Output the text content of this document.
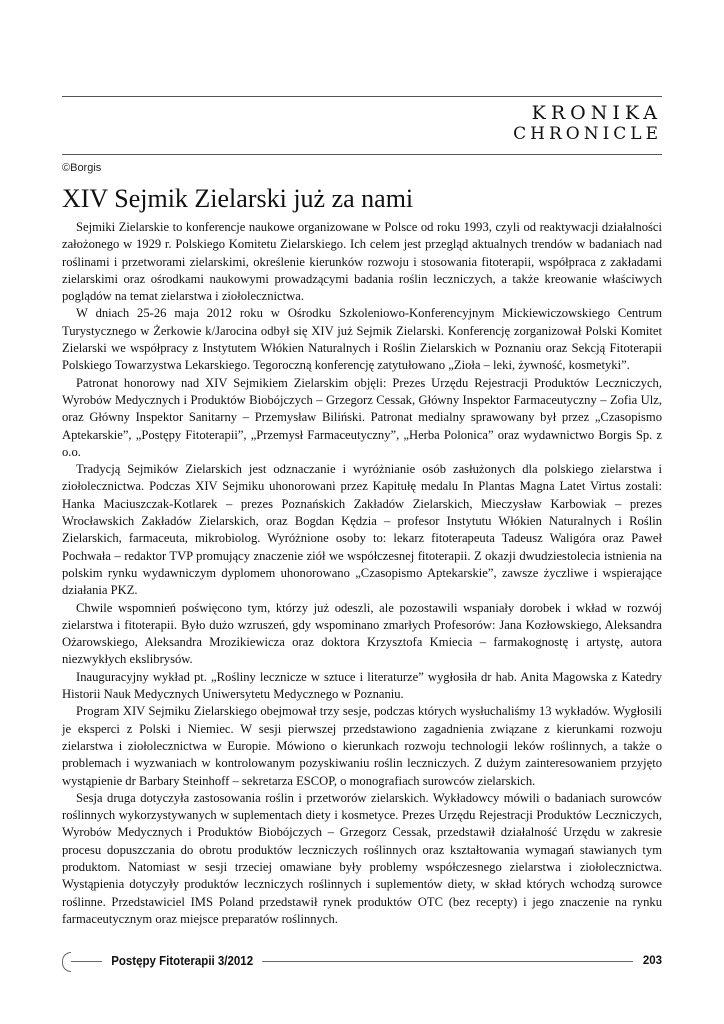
KRONIKA
CHRONICLE
©Borgis
XIV Sejmik Zielarski już za nami

Sejmiki Zielarskie to konferencje naukowe organizowane w Polsce od roku 1993, czyli od reaktywacji działalności założonego w 1929 r. Polskiego Komitetu Zielarskiego. Ich celem jest przegląd aktualnych trendów w badaniach nad roślinami i przetworami zielarskimi, określenie kierunków rozwoju i stosowania fitoterapii, współpraca z zakładami zielarskimi oraz ośrodkami naukowymi prowadzącymi badania roślin leczniczych, a także kreowanie właściwych poglądów na temat zielarstwa i ziołolecznictwa.

W dniach 25-26 maja 2012 roku w Ośrodku Szkoleniowo-Konferencyjnym Mickiewiczowskiego Centrum Turystycznego w Żerkowie k/Jarocina odbył się XIV już Sejmik Zielarski. Konferencję zorganizował Polski Komitet Zielarski we współpracy z Instytutem Włókien Naturalnych i Roślin Zielarskich w Poznaniu oraz Sekcją Fitoterapii Polskiego Towarzystwa Lekarskiego. Tegoroczną konferencję zatytułowano „Zioła – leki, żywność, kosmetyki”.

Patronat honorowy nad XIV Sejmikiem Zielarskim objęli: Prezes Urzędu Rejestracji Produktów Leczniczych, Wyrobów Medycznych i Produktów Biobójczych – Grzegorz Cessak, Główny Inspektor Farmaceutyczny – Zofia Ulz, oraz Główny Inspektor Sanitarny – Przemysław Biliński. Patronat medialny sprawowany był przez „Czasopismo Aptekarskie”, „Postępy Fitoterapii”, „Przemysł Farmaceutyczny”, „Herba Polonica” oraz wydawnictwo Borgis Sp. z o.o.

Tradycją Sejmików Zielarskich jest odznaczanie i wyróżnianie osób zasłużonych dla polskiego zielarstwa i ziołolecznictwa. Podczas XIV Sejmiku uhonorowani przez Kapitułę medalu In Plantas Magna Latet Virtus zostali: Hanka Maciuszczak-Kotlarek – prezes Poznańskich Zakładów Zielarskich, Mieczysław Karbowiak – prezes Wrocławskich Zakładów Zielarskich, oraz Bogdan Kędzia – profesor Instytutu Włókien Naturalnych i Roślin Zielarskich, farmaceuta, mikrobiolog. Wyróżnione osoby to: lekarz fitoterapeuta Tadeusz Waligóra oraz Paweł Pochwała – redaktor TVP promujący znaczenie ziół we współczesnej fitoterapii. Z okazji dwudziestolecia istnienia na polskim rynku wydawniczym dyplomem uhonorowano „Czasopismo Aptekarskie”, zawsze życzliwe i wspierające działania PKZ.

Chwile wspomnień poświęcono tym, którzy już odeszli, ale pozostawili wspaniały dorobek i wkład w rozwój zielarstwa i fitoterapii. Było dużo wzruszeń, gdy wspominano zmarłych Profesorów: Jana Kozłowskiego, Aleksandra Ożarowskiego, Aleksandra Mrozikiewicza oraz doktora Krzysztofa Kmiecia – farmakognostę i artystę, autora niezwykłych ekslibrysów.

Inauguracyjny wykład pt. „Rośliny lecznicze w sztuce i literaturze” wygłosiła dr hab. Anita Magowska z Katedry Historii Nauk Medycznych Uniwersytetu Medycznego w Poznaniu.

Program XIV Sejmiku Zielarskiego obejmował trzy sesje, podczas których wysłuchaliśmy 13 wykładów. Wygłosili je eksperci z Polski i Niemiec. W sesji pierwszej przedstawiono zagadnienia związane z kierunkami rozwoju zielarstwa i ziołolecznictwa w Europie. Mówiono o kierunkach rozwoju technologii leków roślinnych, a także o problemach i wyzwaniach w kontrolowanym pozyskiwaniu roślin leczniczych. Z dużym zainteresowaniem przyjęto wystąpienie dr Barbary Steinhoff – sekretarza ESCOP, o monografiach surowców zielarskich.

Sesja druga dotyczyła zastosowania roślin i przetworów zielarskich. Wykładowcy mówili o badaniach surowców roślinnych wykorzystywanych w suplementach diety i kosmetyce. Prezes Urzędu Rejestracji Produktów Leczniczych, Wyrobów Medycznych i Produktów Biobójczych – Grzegorz Cessak, przedstawił działalność Urzędu w zakresie procesu dopuszczania do obrotu produktów leczniczych roślinnych oraz kształtowania wymagań stawianych tym produktom. Natomiast w sesji trzeciej omawiane były problemy współczesnego zielarstwa i ziołolecznictwa. Wystąpienia dotyczyły produktów leczniczych roślinnych i suplementów diety, w skład których wchodzą surowce roślinne. Przedstawiciel IMS Poland przedstawił rynek produktów OTC (bez recepty) i jego znaczenie na rynku farmaceutycznym oraz miejsce preparatów roślinnych.

Postępy Fitoterapii 3/2012	203
